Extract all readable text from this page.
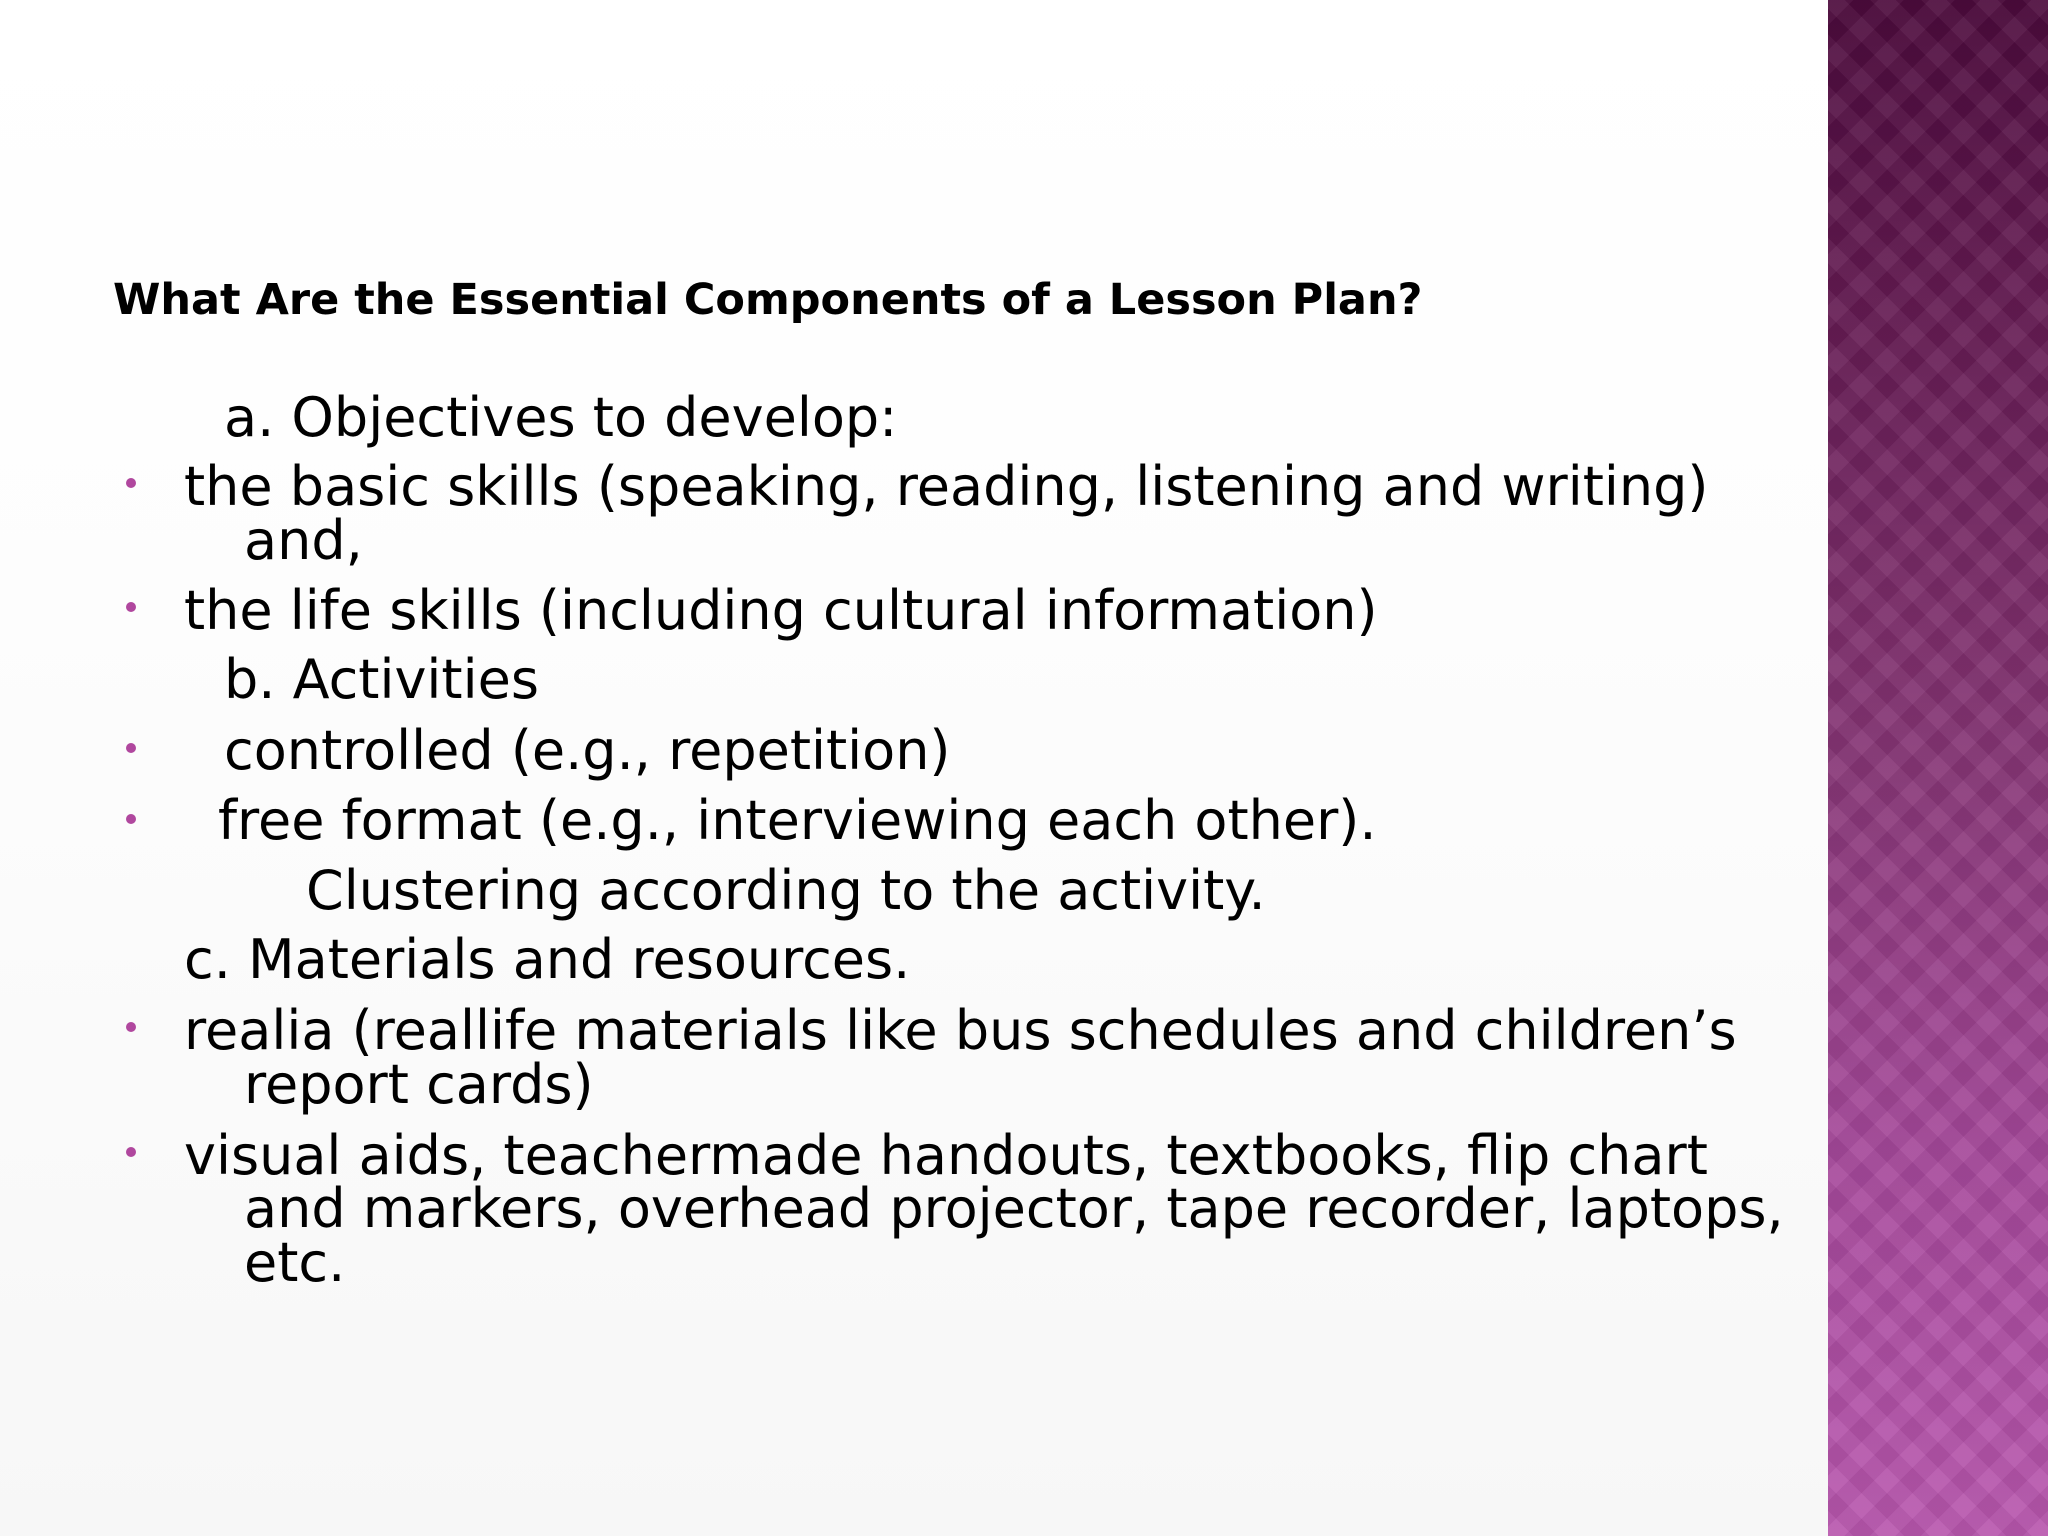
What Are the Essential Components of a Lesson Plan?
a. Objectives to develop:
the basic skills (speaking, reading, listening and writing)
and,
the life skills (including cultural information)
b. Activities
controlled (e.g., repetition)
free format (e.g., interviewing each other).
Clustering according to the activity.
c. Materials and resources.
realia (reallife materials like bus schedules and children’s
report cards)
visual aids, teachermade handouts, textbooks, flip chart
and markers, overhead projector, tape recorder, laptops,
etc.
